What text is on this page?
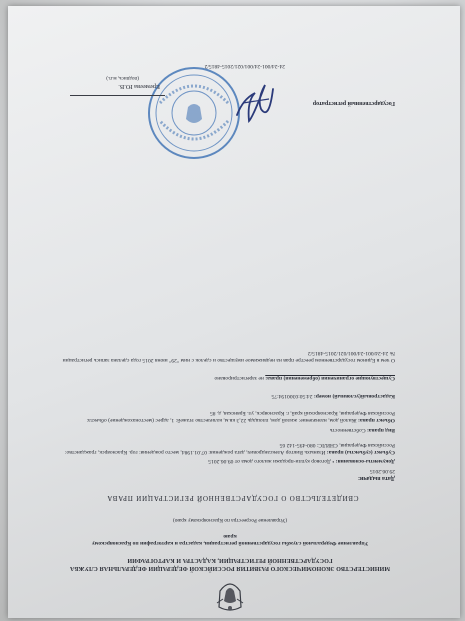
МИНИСТЕРСТВО ЭКОНОМИЧЕСКОГО РАЗВИТИЯ РОССИЙСКОЙ ФЕДЕРАЦИИ ФЕДЕРАЛЬНАЯ СЛУЖБА ГОСУДАРСТВЕННОЙ РЕГИСТРАЦИИ, КАДАСТРА И КАРТОГРАФИИ
Управление Федеральной службы государственной регистрации, кадастра и картографии по Красноярскому краю
(Управление Росреестра по Красноярскому краю)
СВИДЕТЕЛЬСТВО О ГОСУДАРСТВЕННОЙ РЕГИСТРАЦИИ ПРАВА
Дата выдачи:
29.06.2015
Документы-основания: • Договор купли-продажи жилого дома от 09.06.2015
Субъект (субъекты) права: Изаныхъ Виктор Александрович, дата рождения: 07.01.1984, место рождения: гор. Красноярск, гражданство: Российская Федерация, СНИЛС: 080-495-142 65
Вид права: Собственность
Объект права: Жилой дом, назначение: жилой дом, площадь 22,3 кв.м, количество этажей: 1, адрес (местонахождение) объекта: Российская Федерация, Красноярский край, г. Красноярск, ул. Брянская, д. 85
Кадастровый(условный) номер: 24:50:0300194:75
Существующие ограничения (обременения) права: не зарегистрировано
О чем в Едином государственном реестре прав на недвижимое имущество и сделок с ним "29" июня 2015 года сделана запись регистрации № 24-24/001-24/001/021/2015-4815/2
Государственный регистратор
Еремеева Ю.В.
(подпись, м.п.)
24-24/001-24/001/021/2015-4815/2
